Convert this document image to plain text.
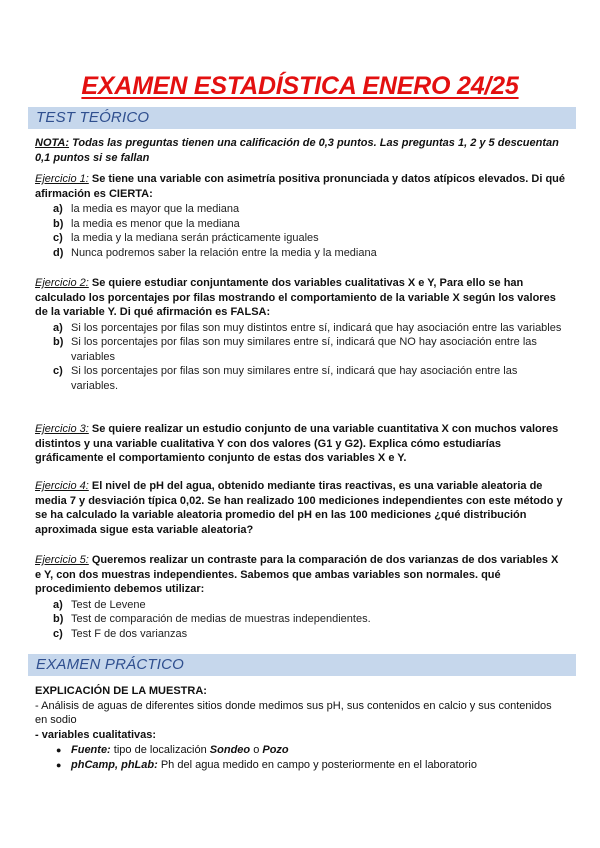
EXAMEN ESTADÍSTICA ENERO 24/25
TEST TEÓRICO
NOTA: Todas las preguntas tienen una calificación de 0,3 puntos. Las preguntas 1, 2 y 5 descuentan 0,1 puntos si se fallan
Ejercicio 1: Se tiene una variable con asimetría positiva pronunciada y datos atípicos elevados. Di qué afirmación es CIERTA:
a) la media es mayor que la mediana
b) la media es menor que la mediana
c) la media y la mediana serán prácticamente iguales
d) Nunca podremos saber la relación entre la media y la mediana
Ejercicio 2: Se quiere estudiar conjuntamente dos variables cualitativas X e Y, Para ello se han calculado los porcentajes por filas mostrando el comportamiento de la variable X según los valores de la variable Y. Di qué afirmación es FALSA:
a) Si los porcentajes por filas son muy distintos entre sí, indicará que hay asociación entre las variables
b) Si los porcentajes por filas son muy similares entre sí, indicará que NO hay asociación entre las variables
c) Si los porcentajes por filas son muy similares entre sí, indicará que hay asociación entre las variables.
Ejercicio 3: Se quiere realizar un estudio conjunto de una variable cuantitativa X con muchos valores distintos y una variable cualitativa Y con dos valores (G1 y G2). Explica cómo estudiarías gráficamente el comportamiento conjunto de estas dos variables X e Y.
Ejercicio 4: El nivel de pH del agua, obtenido mediante tiras reactivas, es una variable aleatoria de media 7 y desviación típica 0,02. Se han realizado 100 mediciones independientes con este método y se ha calculado la variable aleatoria promedio del pH en las 100 mediciones ¿qué distribución aproximada sigue esta variable aleatoria?
Ejercicio 5: Queremos realizar un contraste para la comparación de dos varianzas de dos variables X e Y, con dos muestras independientes. Sabemos que ambas variables son normales. qué procedimiento debemos utilizar:
a) Test de Levene
b) Test de comparación de medias de muestras independientes.
c) Test F de dos varianzas
EXAMEN PRÁCTICO
EXPLICACIÓN DE LA MUESTRA:

- Análisis de aguas de diferentes sitios donde medimos sus pH, sus contenidos en calcio y sus contenidos en sodio

- variables cualitativas:
● Fuente: tipo de localización Sondeo o Pozo
● phCamp, phLab: Ph del agua medido en campo y posteriormente en el laboratorio
